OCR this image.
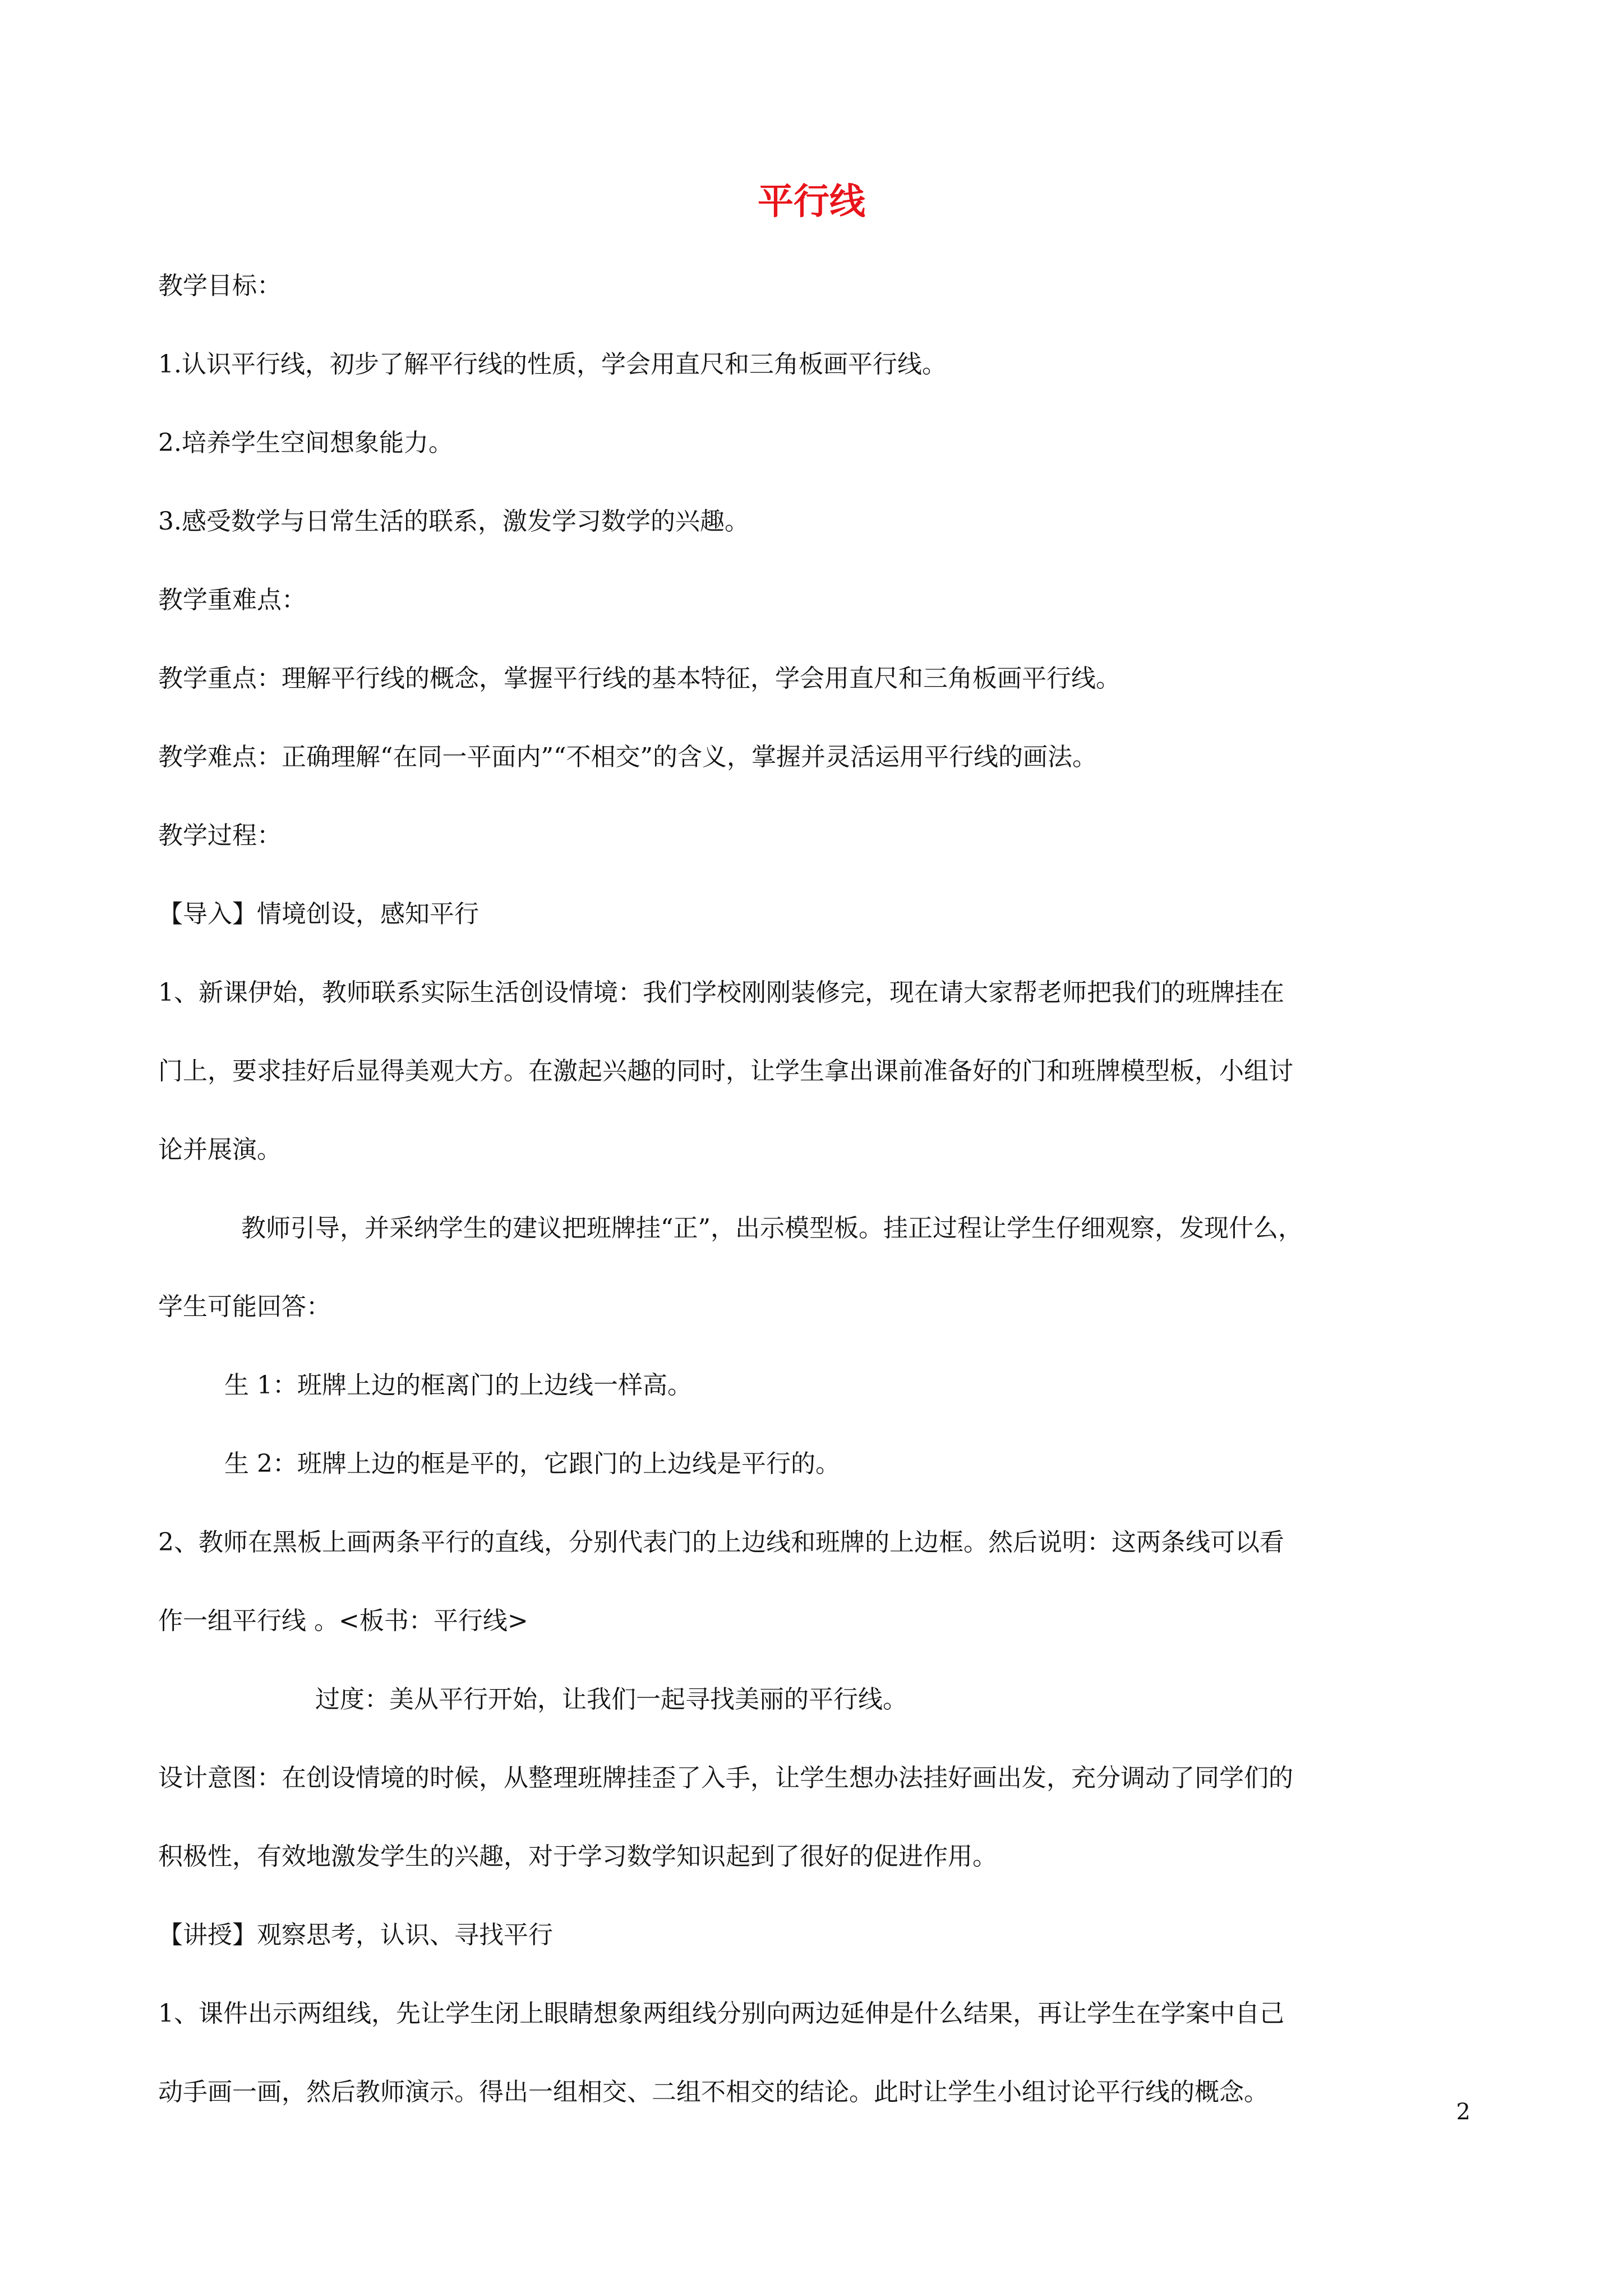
平行线
教学目标：
1.认识平行线，初步了解平行线的性质，学会用直尺和三角板画平行线。
2.培养学生空间想象能力。
3.感受数学与日常生活的联系，激发学习数学的兴趣。
教学重难点：
教学重点：理解平行线的概念，掌握平行线的基本特征，学会用直尺和三角板画平行线。
教学难点：正确理解“在同一平面内”“不相交”的含义，掌握并灵活运用平行线的画法。
教学过程：
【导入】情境创设，感知平行
1、新课伊始，教师联系实际生活创设情境：我们学校刚刚装修完，现在请大家帮老师把我们的班牌挂在
门上，要求挂好后显得美观大方。在激起兴趣的同时，让学生拿出课前准备好的门和班牌模型板，小组讨
论并展演。
教师引导，并采纳学生的建议把班牌挂“正”，出示模型板。挂正过程让学生仔细观察，发现什么，
学生可能回答：
生 1：班牌上边的框离门的上边线一样高。
生 2：班牌上边的框是平的，它跟门的上边线是平行的。
2、教师在黑板上画两条平行的直线，分别代表门的上边线和班牌的上边框。然后说明：这两条线可以看
作一组平行线 。<板书：平行线>
过度：美从平行开始，让我们一起寻找美丽的平行线。
设计意图：在创设情境的时候，从整理班牌挂歪了入手，让学生想办法挂好画出发，充分调动了同学们的
积极性，有效地激发学生的兴趣，对于学习数学知识起到了很好的促进作用。
【讲授】观察思考，认识、寻找平行
1、课件出示两组线，先让学生闭上眼睛想象两组线分别向两边延伸是什么结果，再让学生在学案中自己
动手画一画，然后教师演示。得出一组相交、二组不相交的结论。此时让学生小组讨论平行线的概念。
2
